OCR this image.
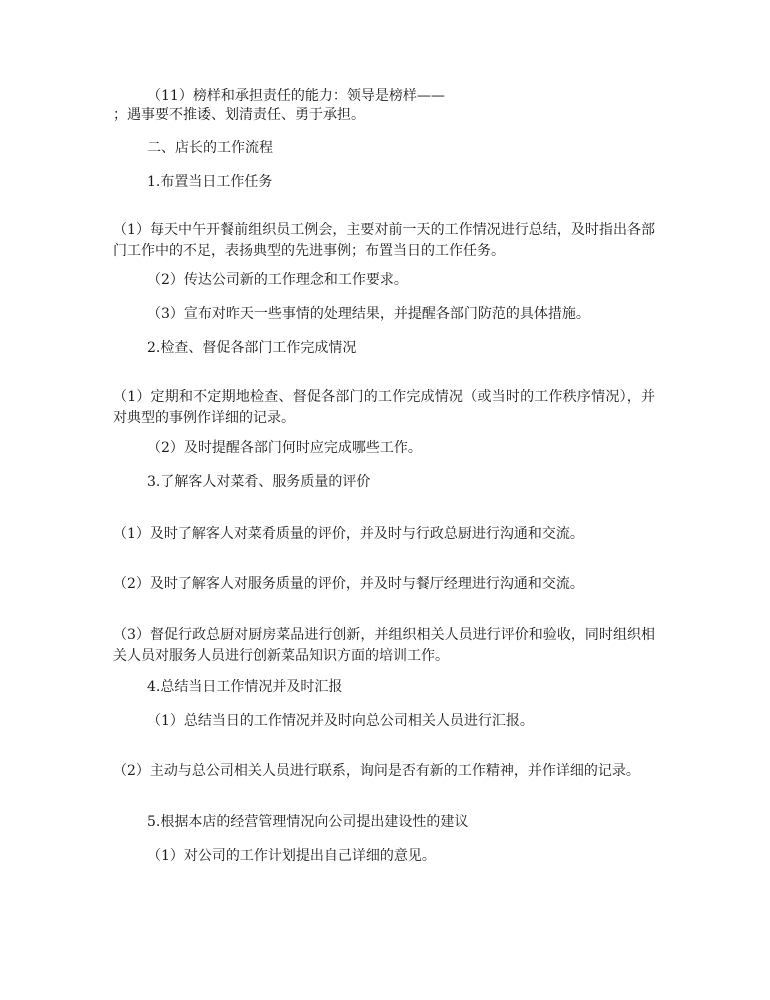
（11）榜样和承担责任的能力：领导是榜样——

；遇事要不推诿、划清责任、勇于承担。

二、店长的工作流程

1.布置当日工作任务

（1）每天中午开餐前组织员工例会，主要对前一天的工作情况进行总结，及时指出各部门工作中的不足，表扬典型的先进事例；布置当日的工作任务。

（2）传达公司新的工作理念和工作要求。

（3）宣布对昨天一些事情的处理结果，并提醒各部门防范的具体措施。

2.检查、督促各部门工作完成情况

（1）定期和不定期地检查、督促各部门的工作完成情况（或当时的工作秩序情况），并对典型的事例作详细的记录。

（2）及时提醒各部门何时应完成哪些工作。

3.了解客人对菜肴、服务质量的评价

（1）及时了解客人对菜肴质量的评价，并及时与行政总厨进行沟通和交流。

（2）及时了解客人对服务质量的评价，并及时与餐厅经理进行沟通和交流。

（3）督促行政总厨对厨房菜品进行创新，并组织相关人员进行评价和验收，同时组织相关人员对服务人员进行创新菜品知识方面的培训工作。

4.总结当日工作情况并及时汇报

（1）总结当日的工作情况并及时向总公司相关人员进行汇报。

（2）主动与总公司相关人员进行联系，询问是否有新的工作精神，并作详细的记录。

5.根据本店的经营管理情况向公司提出建设性的建议

（1）对公司的工作计划提出自己详细的意见。
